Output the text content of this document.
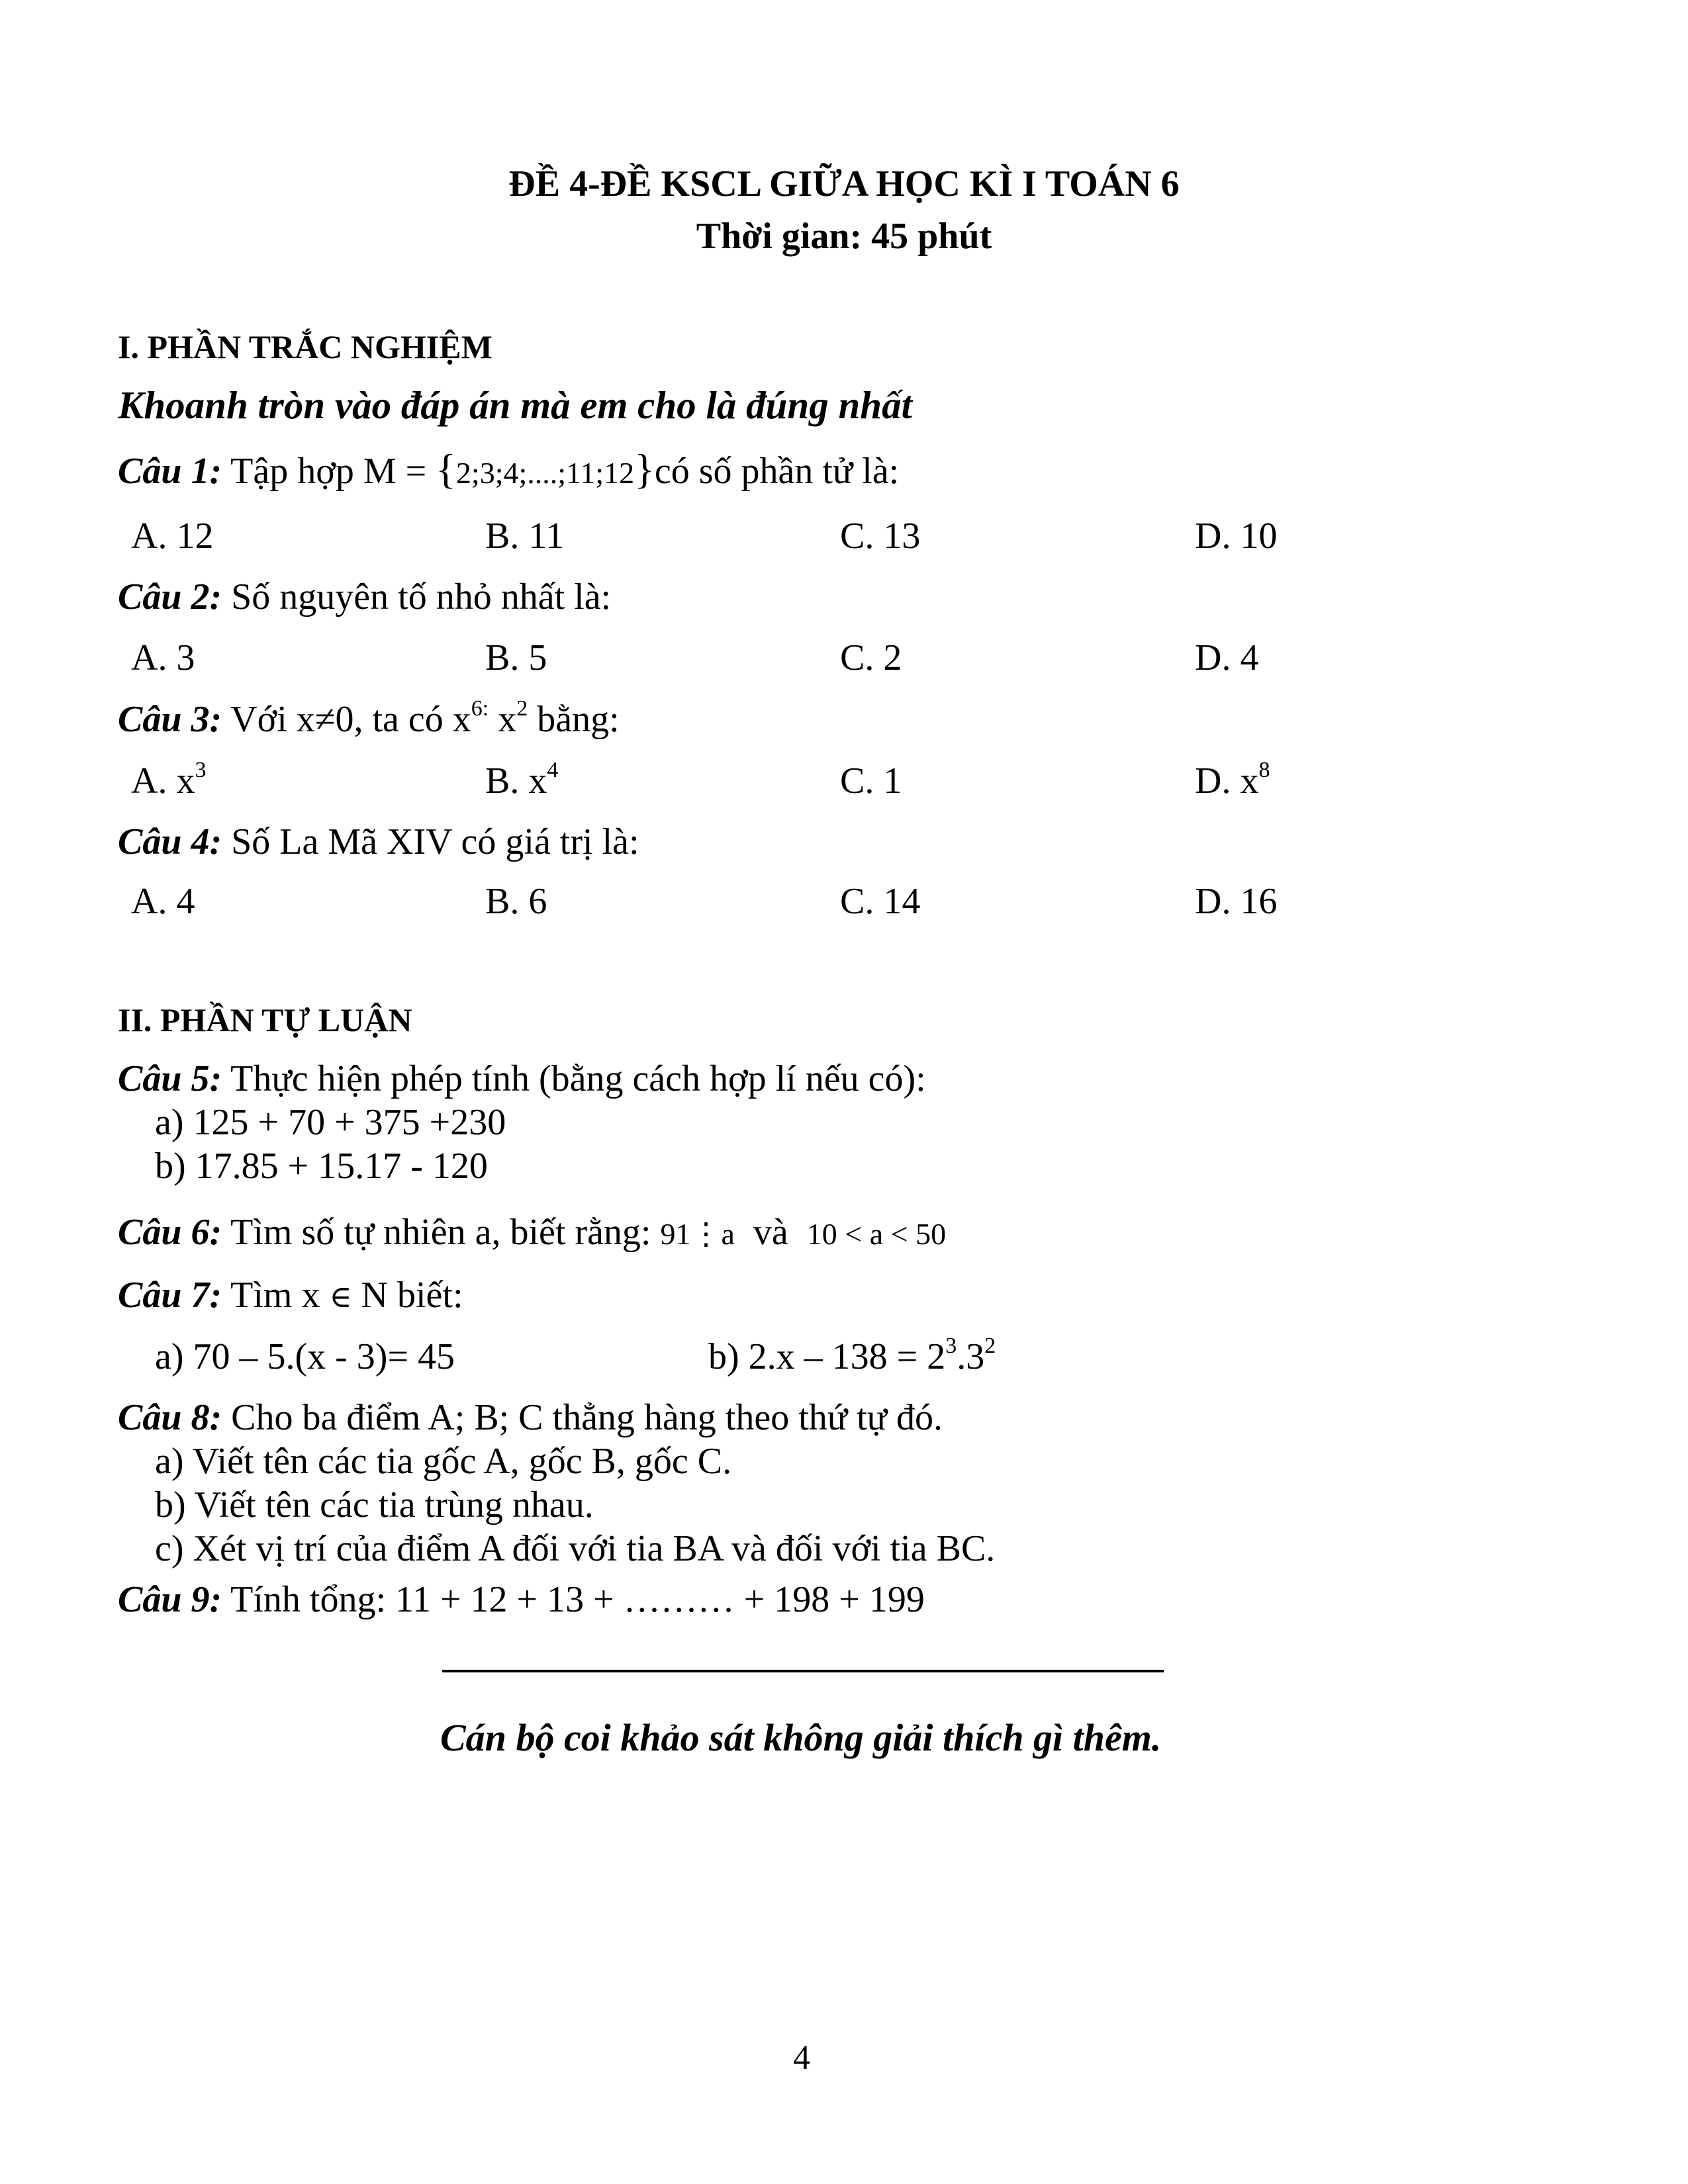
ĐỀ 4-ĐỀ KSCL GIỮA HỌC KÌ I TOÁN 6
Thời gian: 45 phút
I. PHẦN TRẮC NGHIỆM
Khoanh tròn vào đáp án mà em cho là đúng nhất
Câu 1: Tập hợp M = {2;3;4;....;11;12}có số phần tử là:
A. 12	B. 11	C. 13	D. 10
Câu 2: Số nguyên tố nhỏ nhất là:
A. 3	B. 5	C. 2	D. 4
Câu 3: Với x≠0, ta có $x^{6:}$ $x^2$ bằng:
A. $x^3$	B. $x^4$	C. 1	D. $x^8$
Câu 4: Số La Mã XIV có giá trị là:
A. 4	B. 6	C. 14	D. 16
II. PHẦN TỰ LUẬN
Câu 5: Thực hiện phép tính (bằng cách hợp lí nếu có):
a) 125 + 70 + 375 +230
b) 17.85 + 15.17 - 120
Câu 6: Tìm số tự nhiên a, biết rằng: 91⋮a và 10 < a < 50
Câu 7: Tìm x ∈ N biết:
a) 70 – 5.(x - 3)= 45	b) $2.x - 138 = 2^3.3^2$
Câu 8: Cho ba điểm A; B; C thẳng hàng theo thứ tự đó.
a) Viết tên các tia gốc A, gốc B, gốc C.
b) Viết tên các tia trùng nhau.
c) Xét vị trí của điểm A đối với tia BA và đối với tia BC.
Câu 9: Tính tổng: 11 + 12 + 13 + ……… + 198 + 199
Cán bộ coi khảo sát không giải thích gì thêm.
4
